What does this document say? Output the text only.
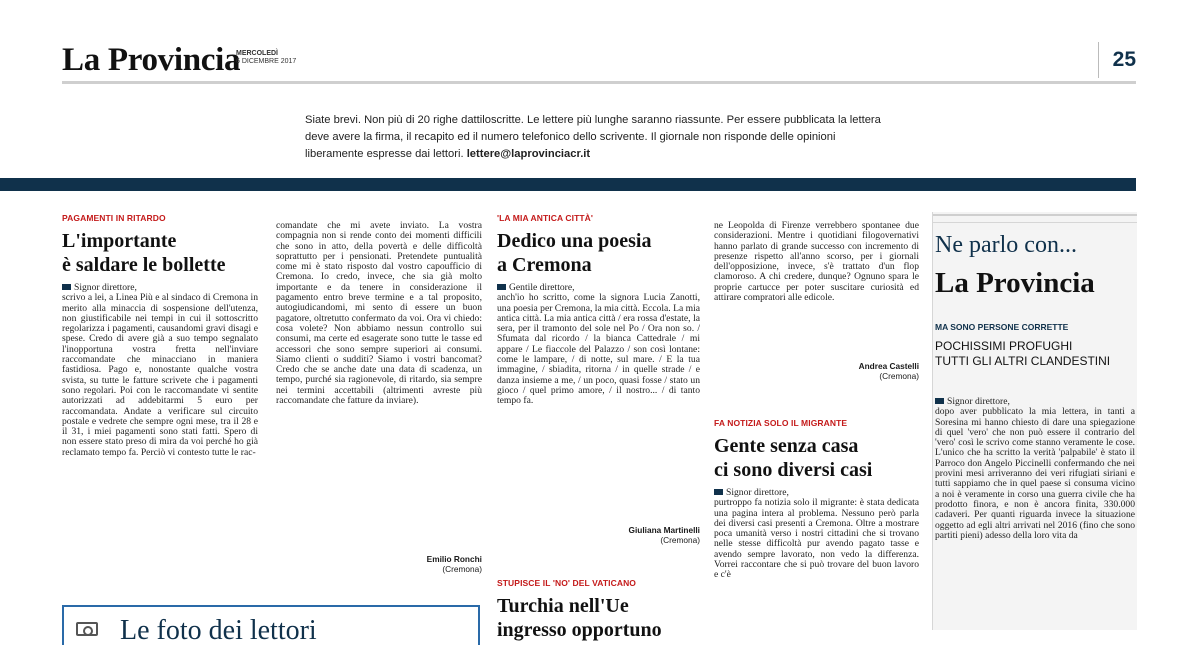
La Provincia
MERCOLEDÌ
6 DICEMBRE 2017	25
Siate brevi. Non più di 20 righe dattiloscritte. Le lettere più lunghe saranno riassunte. Per essere pubblicata la lettera deve avere la firma, il recapito ed il numero telefonico dello scrivente. Il giornale non risponde delle opinioni liberamente espresse dai lettori. lettere@laprovinciacr.it
PAGAMENTI IN RITARDO
L'importante
è saldare le bollette
Signor direttore,
scrivo a lei, a Linea Più e al sindaco di Cremona in merito alla minaccia di sospensione dell'utenza, non giustificabile nei tempi in cui il sottoscritto regolarizza i pagamenti, causandomi gravi disagi e spese. Credo di avere già a suo tempo segnalato l'inopportuna vostra fretta nell'inviare raccomandate che minacciano in maniera fastidiosa. Pago e, nonostante qualche vostra svista, su tutte le fatture scrivete che i pagamenti sono regolari. Poi con le raccomandate vi sentite autorizzati ad addebitarmi 5 euro per raccomandata. Andate a verificare sul circuito postale e vedrete che sempre ogni mese, tra il 28 e il 31, i miei pagamenti sono stati fatti. Spero di non essere stato preso di mira da voi perché ho già reclamato tempo fa. Perciò vi contesto tutte le rac-
comandate che mi avete inviato. La vostra compagnia non si rende conto dei momenti difficili che sono in atto, della povertà e delle difficoltà soprattutto per i pensionati. Pretendete puntualità come mi è stato risposto dal vostro capoufficio di Cremona. Io credo, invece, che sia già molto importante e da tenere in considerazione il pagamento entro breve termine e a tal proposito, autogiudicandomi, mi sento di essere un buon pagatore, oltretutto confermato da voi. Ora vi chiedo: cosa volete? Non abbiamo nessun controllo sui consumi, ma certe ed esagerate sono tutte le tasse ed accessori che sono sempre superiori ai consumi. Siamo clienti o sudditi? Siamo i vostri bancomat? Credo che se anche date una data di scadenza, un tempo, purché sia ragionevole, di ritardo, sia sempre nei termini accettabili (altrimenti avreste più raccomandate che fatture da inviare).
Emilio Ronchi
(Cremona)
'LA MIA ANTICA CITTÀ'
Dedico una poesia
a Cremona
Gentile direttore,
anch'io ho scritto, come la signora Lucia Zanotti, una poesia per Cremona, la mia città. Eccola. La mia antica città. La mia antica città / era rossa d'estate, la sera, per il tramonto del sole nel Po / Ora non so. / Sfumata dal ricordo / la bianca Cattedrale / mi appare / Le fiaccole del Palazzo / son così lontane: come le lampare, / di notte, sul mare. / E la tua immagine, / sbiadita, ritorna / in quelle strade / e danza insieme a me, / un poco, quasi fosse / stato un gioco / quel primo amore, / il nostro... / di tanto tempo fa.
Giuliana Martinelli
(Cremona)
STUPISCE IL 'NO' DEL VATICANO
Turchia nell'Ue
ingresso opportuno
ne Leopolda di Firenze verrebbero spontanee due considerazioni. Mentre i quotidiani filogovernativi hanno parlato di grande successo con incremento di presenze rispetto all'anno scorso, per i giornali dell'opposizione, invece, s'è trattato d'un flop clamoroso. A chi credere, dunque? Ognuno spara le proprie cartucce per poter suscitare curiosità ed attirare compratori alle edicole.
Andrea Castelli
(Cremona)
FA NOTIZIA SOLO IL MIGRANTE
Gente senza casa
ci sono diversi casi
Signor direttore,
purtroppo fa notizia solo il migrante: è stata dedicata una pagina intera al problema. Nessuno però parla dei diversi casi presenti a Cremona. Oltre a mostrare poca umanità verso i nostri cittadini che si trovano nelle stesse difficoltà pur avendo pagato tasse e avendo sempre lavorato, non vedo la differenza. Vorrei raccontare che si può trovare del buon lavoro e c'è
Ne parlo con...
La Provincia
MA SONO PERSONE CORRETTE
POCHISSIMI PROFUGHI
TUTTI GLI ALTRI CLANDESTINI
Signor direttore,
dopo aver pubblicato la mia lettera, in tanti a Soresina mi hanno chiesto di dare una spiegazione di quel 'vero' che non può essere il contrario del 'vero' così le scrivo come stanno veramente le cose. L'unico che ha scritto la verità 'palpabile' è stato il Parroco don Angelo Piccinelli confermando che nei provini mesi arriveranno dei veri rifugiati siriani e tutti sappiamo che in quel paese si consuma vicino a noi è veramente in corso una guerra civile che ha prodotto finora, e non è ancora finita, 330.000 cadaveri. Per quanti riguarda invece la situazione oggetto ad egli altri arrivati nel 2016 (fino che sono partiti pieni) adesso della loro vita da
Le foto dei lettori
